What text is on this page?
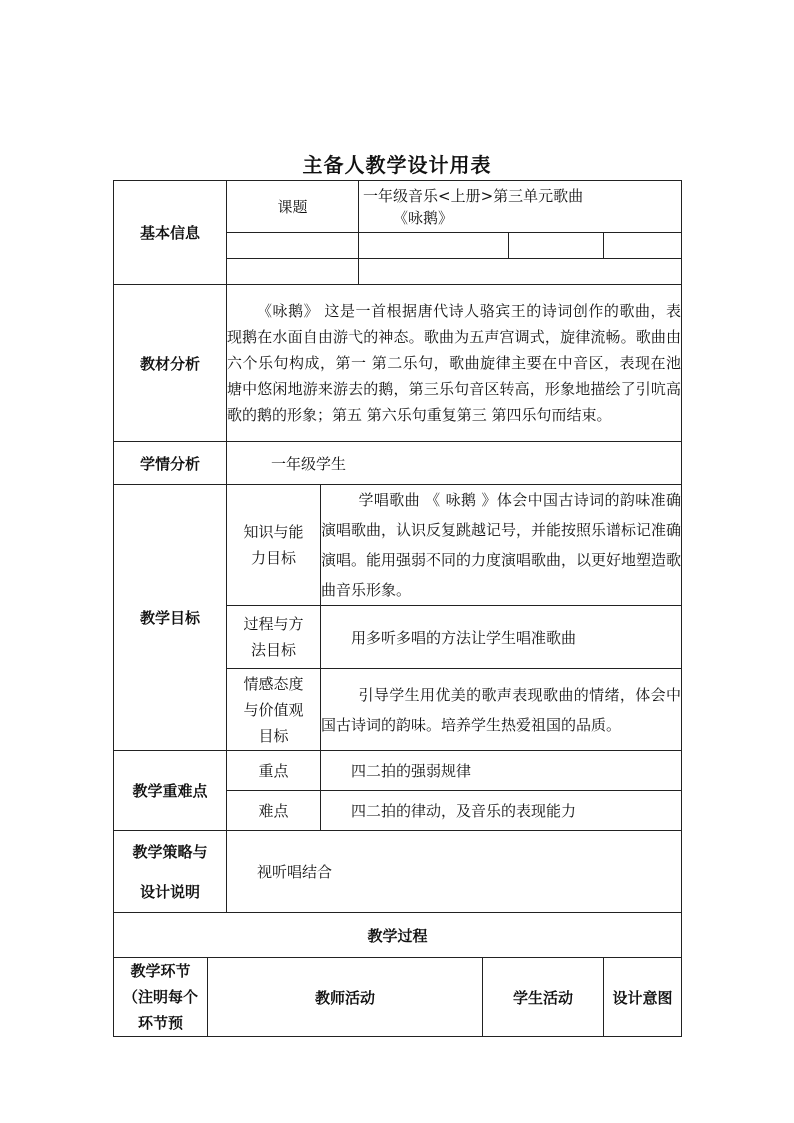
主备人教学设计用表
基本信息		课题		一年级音乐<上册>第三单元歌曲
《咏鹅》			

教材分析		《咏鹅》 这是一首根据唐代诗人骆宾王的诗词创作的歌曲，表现鹅在水面自由游弋的神态。歌曲为五声宫调式，旋律流畅。歌曲由六个乐句构成，第一 第二乐句，歌曲旋律主要在中音区，表现在池塘中悠闲地游来游去的鹅，第三乐句音区转高，形象地描绘了引吭高歌的鹅的形象；第五 第六乐句重复第三 第四乐句而结束。					
学情分析		一年级学生					
教学目标		知识与能力目标	学唱歌曲 《 咏鹅 》体会中国古诗词的韵味准确演唱歌曲，认识反复跳越记号，并能按照乐谱标记准确演唱。能用强弱不同的力度演唱歌曲，以更好地塑造歌曲音乐形象。				
		过程与方法目标	用多听多唱的方法让学生唱准歌曲				
		情感态度与价值观目标	引导学生用优美的歌声表现歌曲的情绪，体会中国古诗词的韵味。培养学生热爱祖国的品质。				
教学重难点		重点	四二拍的强弱规律				
		难点	四二拍的律动，及音乐的表现能力				

教学策略与
设计说明		视听唱结合					
教学过程							

教学环节（注明每个环节预	教师活动				学生活动		设计意图
